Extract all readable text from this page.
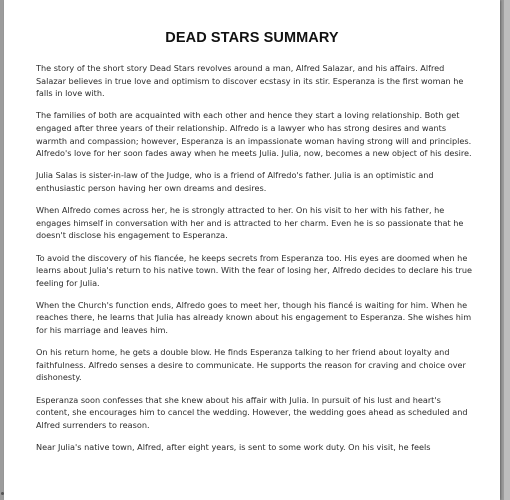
DEAD STARS SUMMARY

The story of the short story Dead Stars revolves around a man, Alfred Salazar, and his affairs. Alfred Salazar believes in true love and optimism to discover ecstasy in its stir. Esperanza is the first woman he falls in love with.

The families of both are acquainted with each other and hence they start a loving relationship. Both get engaged after three years of their relationship. Alfredo is a lawyer who has strong desires and wants warmth and compassion; however, Esperanza is an impassionate woman having strong will and principles. Alfredo's love for her soon fades away when he meets Julia. Julia, now, becomes a new object of his desire.

Julia Salas is sister-in-law of the Judge, who is a friend of Alfredo's father. Julia is an optimistic and enthusiastic person having her own dreams and desires.

When Alfredo comes across her, he is strongly attracted to her. On his visit to her with his father, he engages himself in conversation with her and is attracted to her charm. Even he is so passionate that he doesn't disclose his engagement to Esperanza.

To avoid the discovery of his fiancée, he keeps secrets from Esperanza too. His eyes are doomed when he learns about Julia's return to his native town. With the fear of losing her, Alfredo decides to declare his true feeling for Julia.

When the Church's function ends, Alfredo goes to meet her, though his fiancé is waiting for him. When he reaches there, he learns that Julia has already known about his engagement to Esperanza. She wishes him for his marriage and leaves him.

On his return home, he gets a double blow. He finds Esperanza talking to her friend about loyalty and faithfulness. Alfredo senses a desire to communicate. He supports the reason for craving and choice over dishonesty.

Esperanza soon confesses that she knew about his affair with Julia. In pursuit of his lust and heart's content, she encourages him to cancel the wedding. However, the wedding goes ahead as scheduled and Alfred surrenders to reason.

Near Julia's native town, Alfred, after eight years, is sent to some work duty. On his visit, he feels
